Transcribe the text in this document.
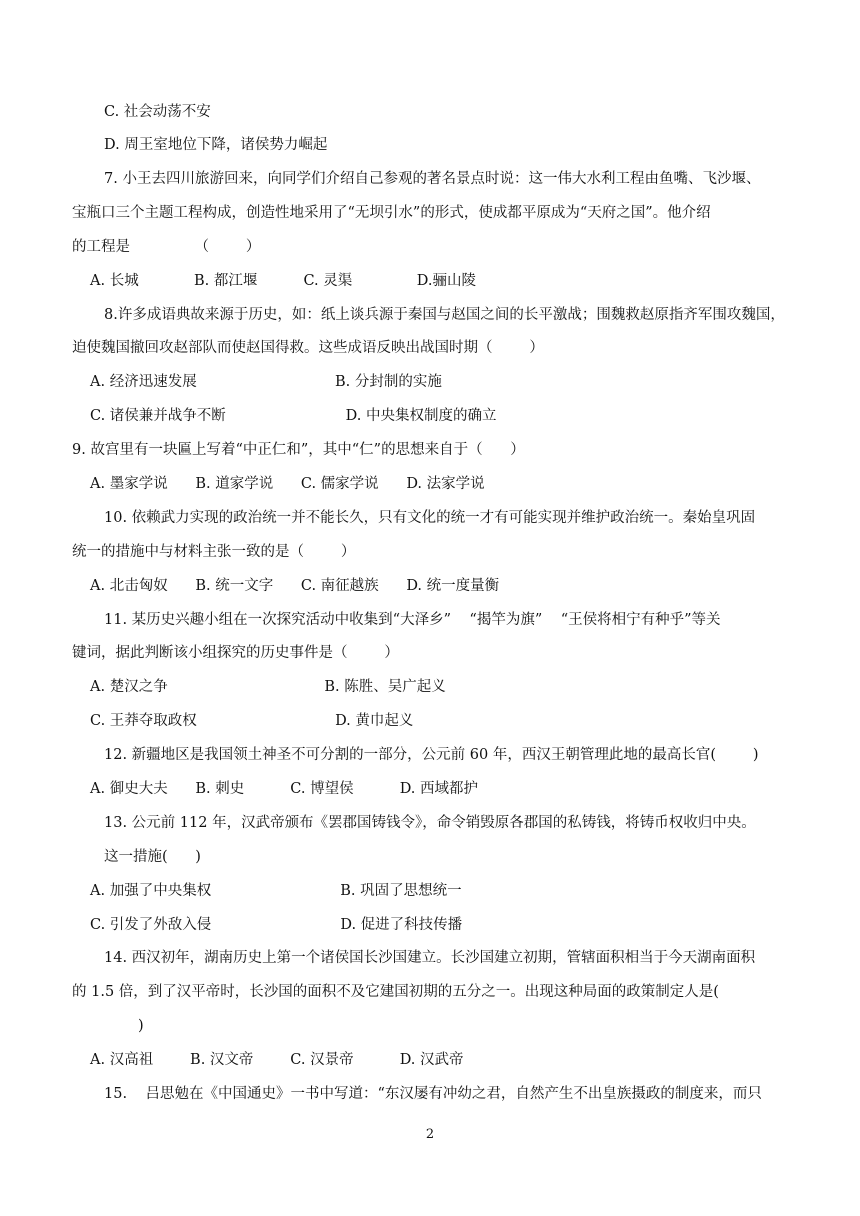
C. 社会动荡不安
D. 周王室地位下降，诸侯势力崛起
7. 小王去四川旅游回来，向同学们介绍自己参观的著名景点时说：这一伟大水利工程由鱼嘴、飞沙堰、
宝瓶口三个主题工程构成，创造性地采用了“无坝引水”的形式，使成都平原成为“天府之国”。他介绍
的工程是              （        ）
A. 长城            B. 都江堰          C. 灵渠              D.骊山陵
8.许多成语典故来源于历史，如：纸上谈兵源于秦国与赵国之间的长平激战；围魏救赵原指齐军围攻魏国，
迫使魏国撤回攻赵部队而使赵国得救。这些成语反映出战国时期（        ）
A. 经济迅速发展                              B. 分封制的实施
C. 诸侯兼并战争不断                          D. 中央集权制度的确立
9. 故宫里有一块匾上写着“中正仁和”，其中“仁”的思想来自于（      ）
A. 墨家学说      B. 道家学说      C. 儒家学说      D. 法家学说
10. 依赖武力实现的政治统一并不能长久，只有文化的统一才有可能实现并维护政治统一。秦始皇巩固
统一的措施中与材料主张一致的是（        ）
A. 北击匈奴      B. 统一文字      C. 南征越族      D. 统一度量衡
11. 某历史兴趣小组在一次探究活动中收集到“大泽乡”    “揭竿为旗”    “王侯将相宁有种乎”等关
键词，据此判断该小组探究的历史事件是（        ）
A. 楚汉之争                                  B. 陈胜、吴广起义
C. 王莽夺取政权                              D. 黄巾起义
12. 新疆地区是我国领土神圣不可分割的一部分，公元前 60 年，西汉王朝管理此地的最高长官(        )
A. 御史大夫      B. 刺史          C. 博望侯          D. 西域都护
13. 公元前 112 年，汉武帝颁布《罢郡国铸钱令》，命令销毁原各郡国的私铸钱，将铸币权收归中央。
这一措施(      )
A. 加强了中央集权                            B. 巩固了思想统一
C. 引发了外敌入侵                            D. 促进了科技传播
14. 西汉初年，湖南历史上第一个诸侯国长沙国建立。长沙国建立初期，管辖面积相当于今天湖南面积
的 1.5 倍，到了汉平帝时，长沙国的面积不及它建国初期的五分之一。出现这种局面的政策制定人是(
)
A. 汉高祖        B. 汉文帝        C. 汉景帝          D. 汉武帝
15.    吕思勉在《中国通史》一书中写道：“东汉屡有冲幼之君，自然产生不出皇族摄政的制度来，而只
2
